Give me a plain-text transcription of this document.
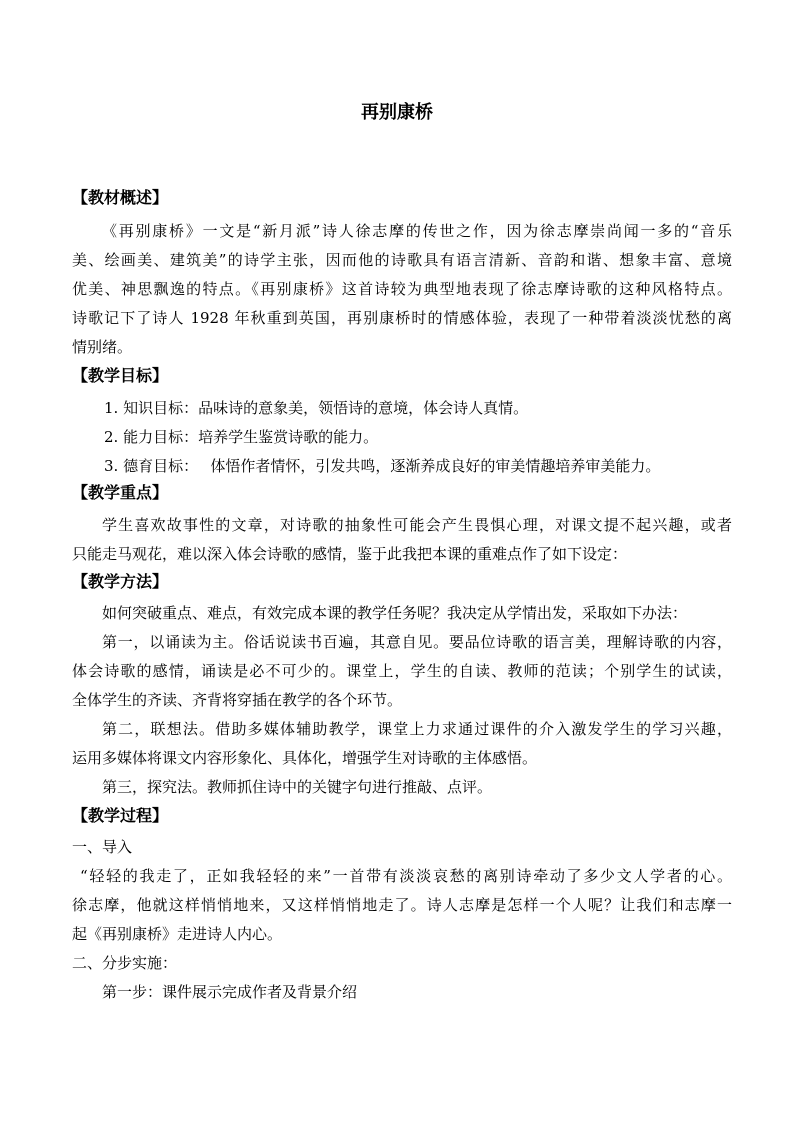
再别康桥
【教材概述】
《再别康桥》一文是“新月派”诗人徐志摩的传世之作，因为徐志摩崇尚闻一多的“音乐
美、绘画美、建筑美”的诗学主张，因而他的诗歌具有语言清新、音韵和谐、想象丰富、意境
优美、神思飘逸的特点。《再别康桥》这首诗较为典型地表现了徐志摩诗歌的这种风格特点。
诗歌记下了诗人 1928 年秋重到英国，再别康桥时的情感体验，表现了一种带着淡淡忧愁的离
情别绪。
【教学目标】
1. 知识目标：品味诗的意象美，领悟诗的意境，体会诗人真情。
2. 能力目标：培养学生鉴赏诗歌的能力。
3. 德育目标：　 体悟作者情怀，引发共鸣，逐渐养成良好的审美情趣培养审美能力。
【教学重点】
学生喜欢故事性的文章，对诗歌的抽象性可能会产生畏惧心理，对课文提不起兴趣，或者
只能走马观花，难以深入体会诗歌的感情，鉴于此我把本课的重难点作了如下设定：
【教学方法】
如何突破重点、难点，有效完成本课的教学任务呢？我决定从学情出发，采取如下办法：
第一，以诵读为主。俗话说读书百遍，其意自见。要品位诗歌的语言美，理解诗歌的内容，
体会诗歌的感情，诵读是必不可少的。课堂上，学生的自读、教师的范读；个别学生的试读，
全体学生的齐读、齐背将穿插在教学的各个环节。
第二，联想法。借助多媒体辅助教学，课堂上力求通过课件的介入激发学生的学习兴趣，
运用多媒体将课文内容形象化、具体化，增强学生对诗歌的主体感悟。
第三，探究法。教师抓住诗中的关键字句进行推敲、点评。
【教学过程】
一、导入
“轻轻的我走了，正如我轻轻的来”一首带有淡淡哀愁的离别诗牵动了多少文人学者的心。
徐志摩，他就这样悄悄地来，又这样悄悄地走了。诗人志摩是怎样一个人呢？让我们和志摩一
起《再别康桥》走进诗人内心。
二、分步实施：
第一步：课件展示完成作者及背景介绍
